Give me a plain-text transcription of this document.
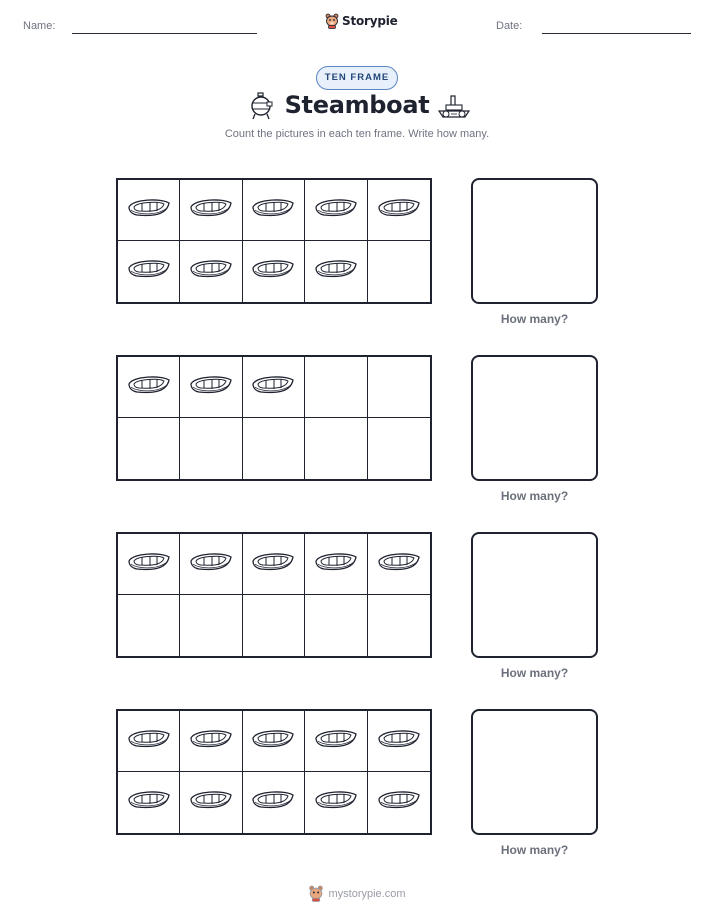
Name:	Storypie	Date:
TEN FRAME
Steamboat
Count the pictures in each ten frame. Write how many.
How many?
How many?
How many?
How many?
mystorypie.com
